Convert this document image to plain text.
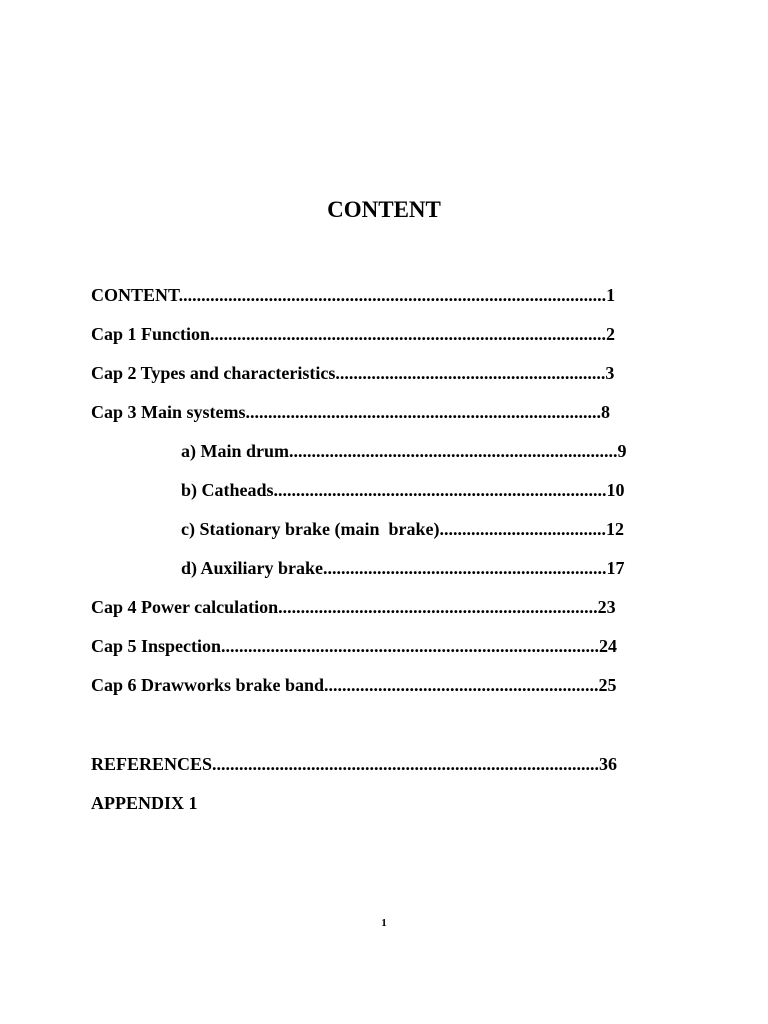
CONTENT
CONTENT...............................................................................................1
Cap 1 Function........................................................................................2
Cap 2 Types and characteristics............................................................3
Cap 3 Main systems...............................................................................8
a) Main drum.........................................................................9
b) Catheads..........................................................................10
c) Stationary brake (main  brake).....................................12
d) Auxiliary brake...............................................................17
Cap 4 Power calculation.......................................................................23
Cap 5 Inspection....................................................................................24
Cap 6 Drawworks brake band.............................................................25
REFERENCES......................................................................................36
APPENDIX 1
1
